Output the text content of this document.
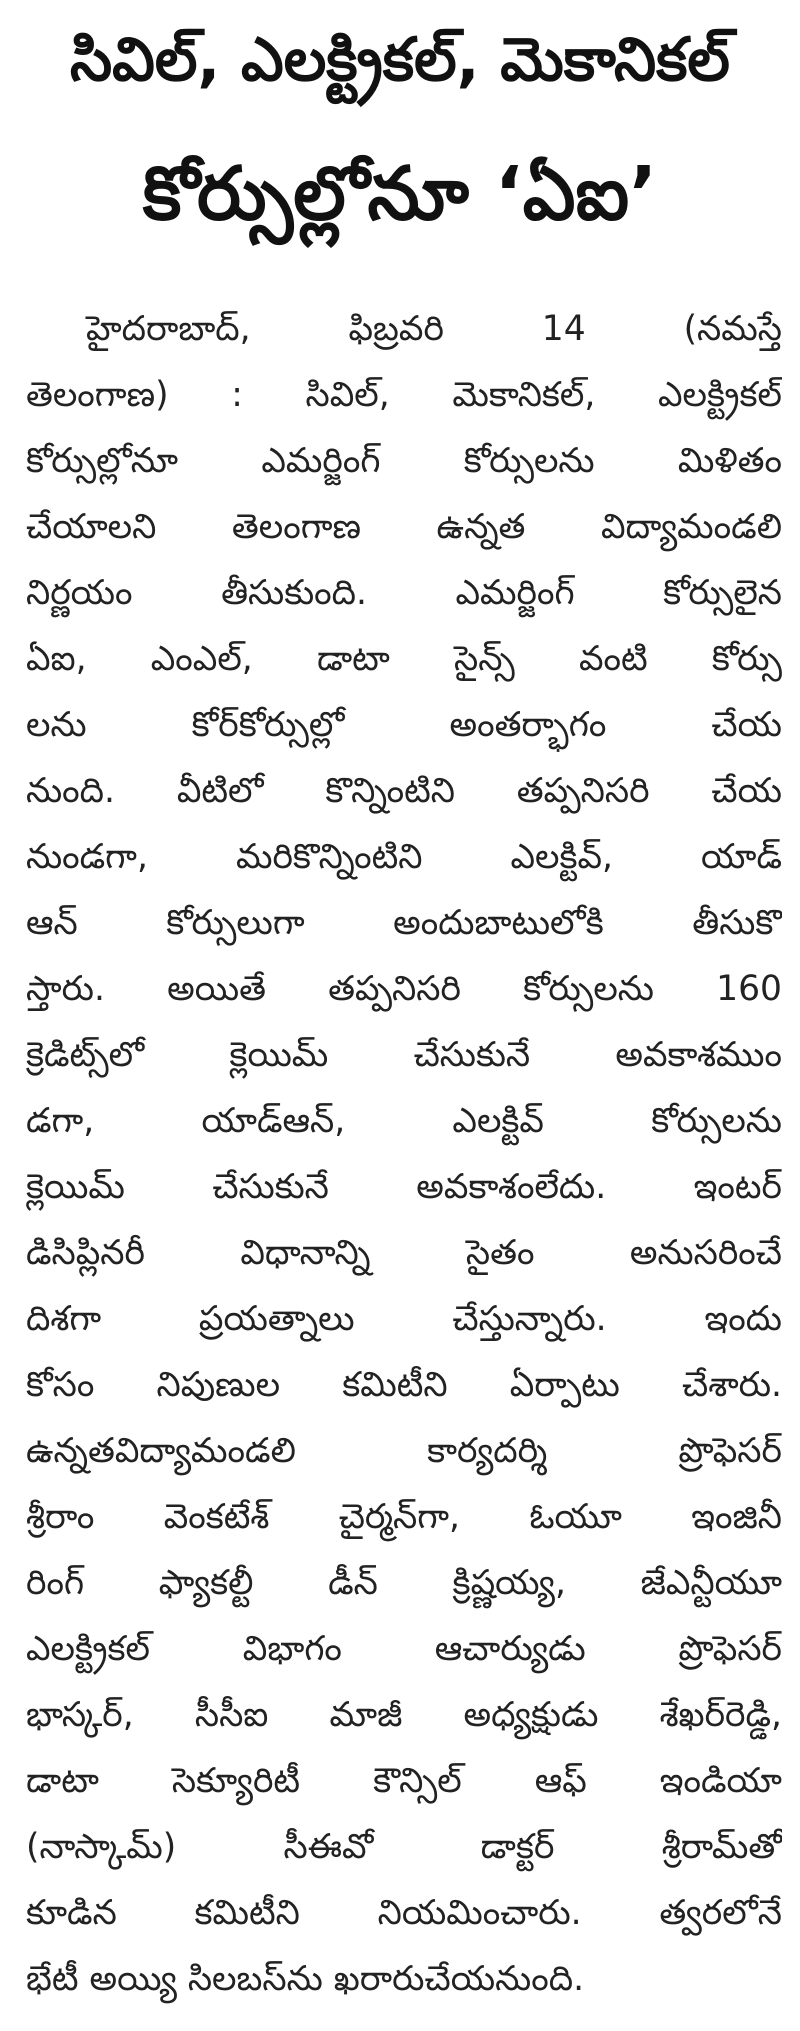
సివిల్‌, ఎలక్ట్రికల్‌, మెకానికల్‌
కోర్సుల్లోనూ ‘ఏఐ’
హైదరాబాద్‌, ఫిబ్రవరి 14 (నమస్తే
తెలంగాణ) : సివిల్‌, మెకానికల్‌, ఎలక్ట్రికల్‌
కోర్సుల్లోనూ ఎమర్జింగ్‌ కోర్సులను మిళితం
చేయాలని తెలంగాణ ఉన్నత విద్యామండలి
నిర్ణయం తీసుకుంది. ఎమర్జింగ్‌ కోర్సులైన
ఏఐ, ఎంఎల్‌, డాటా సైన్స్‌ వంటి కోర్సు
లను కోర్‌కోర్సుల్లో అంతర్భాగం చేయ
నుంది. వీటిలో కొన్నింటిని తప్పనిసరి చేయ
నుండగా, మరికొన్నింటిని ఎలక్టివ్‌, యాడ్‌
ఆన్‌ కోర్సులుగా అందుబాటులోకి తీసుకొ
స్తారు. అయితే తప్పనిసరి కోర్సులను 160
క్రెడిట్స్‌లో క్లెయిమ్‌ చేసుకునే అవకాశముం
డగా, యాడ్‌ఆన్‌, ఎలక్టివ్‌ కోర్సులను
క్లెయిమ్‌ చేసుకునే అవకాశంలేదు. ఇంటర్‌
డిసిప్లినరీ విధానాన్ని సైతం అనుసరించే
దిశగా ప్రయత్నాలు చేస్తున్నారు. ఇందు
కోసం నిపుణుల కమిటీని ఏర్పాటు చేశారు.
ఉన్నతవిద్యామండలి కార్యదర్శి ప్రొఫెసర్‌
శ్రీరాం వెంకటేశ్‌ చైర్మన్‌గా, ఓయూ ఇంజినీ
రింగ్‌ ఫ్యాకల్టీ డీన్‌ క్రిష్ణయ్య, జేఎన్టీయూ
ఎలక్ట్రికల్‌ విభాగం ఆచార్యుడు ప్రొఫెసర్‌
భాస్కర్‌, సీసీఐ మాజీ అధ్యక్షుడు శేఖర్‌రెడ్డి,
డాటా సెక్యూరిటీ కౌన్సిల్‌ ఆఫ్‌ ఇండియా
(నాస్కామ్‌) సీఈవో డాక్టర్‌ శ్రీరామ్‌తో
కూడిన కమిటీని నియమించారు. త్వరలోనే
భేటీ అయ్యి సిలబస్‌ను ఖరారుచేయనుంది.
